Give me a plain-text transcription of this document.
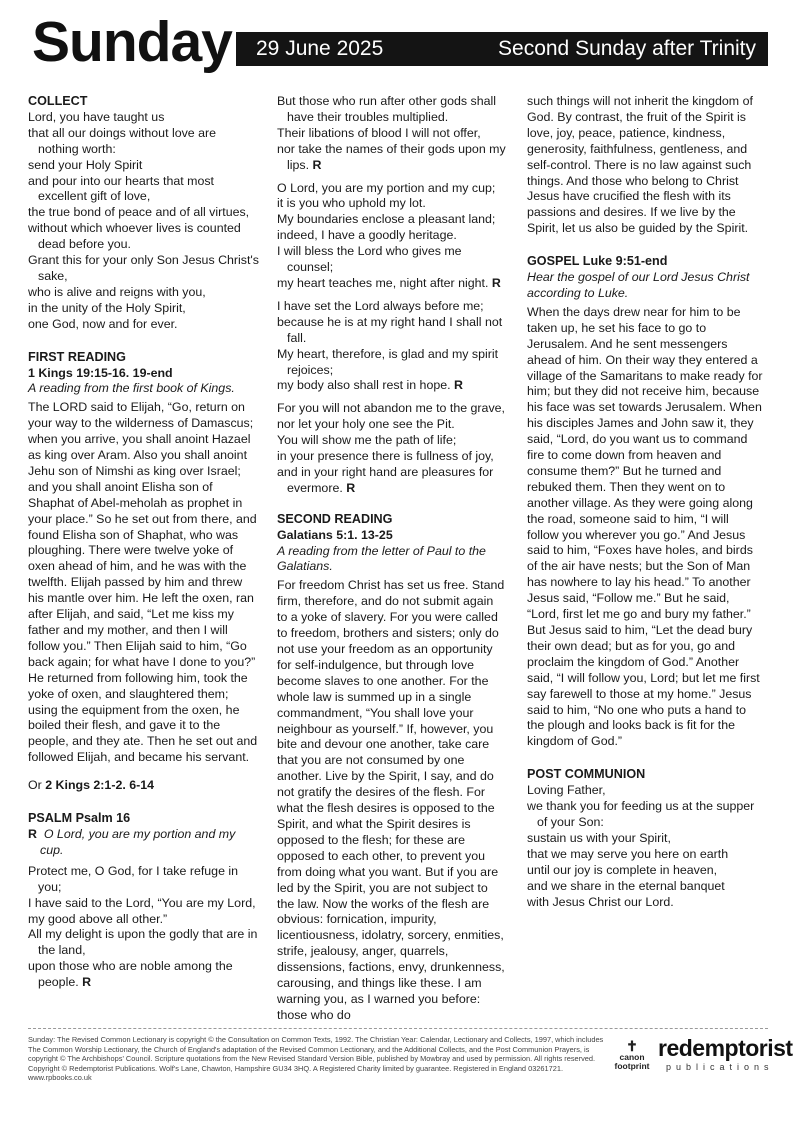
Sunday 29 June 2025	Second Sunday after Trinity
COLLECT
Lord, you have taught us
that all our doings without love are nothing worth:
send your Holy Spirit
and pour into our hearts that most excellent gift of love,
the true bond of peace and of all virtues,
without which whoever lives is counted dead before you.
Grant this for your only Son Jesus Christ's sake,
who is alive and reigns with you,
in the unity of the Holy Spirit,
one God, now and for ever.
FIRST READING
1 Kings 19:15-16. 19-end
A reading from the first book of Kings.
The LORD said to Elijah, “Go, return on your way to the wilderness of Damascus; when you arrive, you shall anoint Hazael as king over Aram. Also you shall anoint Jehu son of Nimshi as king over Israel; and you shall anoint Elisha son of Shaphat of Abel-meholah as prophet in your place.” So he set out from there, and found Elisha son of Shaphat, who was ploughing. There were twelve yoke of oxen ahead of him, and he was with the twelfth. Elijah passed by him and threw his mantle over him. He left the oxen, ran after Elijah, and said, “Let me kiss my father and my mother, and then I will follow you.” Then Elijah said to him, “Go back again; for what have I done to you?” He returned from following him, took the yoke of oxen, and slaughtered them; using the equipment from the oxen, he boiled their flesh, and gave it to the people, and they ate. Then he set out and followed Elijah, and became his servant.
Or 2 Kings 2:1-2. 6-14
PSALM Psalm 16
R O Lord, you are my portion and my cup.
Protect me, O God, for I take refuge in you;
I have said to the Lord, “You are my Lord,
my good above all other.”
All my delight is upon the godly that are in the land,
upon those who are noble among the people. R
But those who run after other gods shall have their troubles multiplied.
Their libations of blood I will not offer,
nor take the names of their gods upon my lips. R
O Lord, you are my portion and my cup;
it is you who uphold my lot.
My boundaries enclose a pleasant land;
indeed, I have a goodly heritage.
I will bless the Lord who gives me counsel;
my heart teaches me, night after night. R
I have set the Lord always before me;
because he is at my right hand I shall not fall.
My heart, therefore, is glad and my spirit rejoices;
my body also shall rest in hope. R
For you will not abandon me to the grave,
nor let your holy one see the Pit.
You will show me the path of life;
in your presence there is fullness of joy,
and in your right hand are pleasures for evermore. R
SECOND READING
Galatians 5:1. 13-25
A reading from the letter of Paul to the Galatians.
For freedom Christ has set us free. Stand firm, therefore, and do not submit again to a yoke of slavery. For you were called to freedom, brothers and sisters; only do not use your freedom as an opportunity for self-indulgence, but through love become slaves to one another. For the whole law is summed up in a single commandment, “You shall love your neighbour as yourself.” If, however, you bite and devour one another, take care that you are not consumed by one another. Live by the Spirit, I say, and do not gratify the desires of the flesh. For what the flesh desires is opposed to the Spirit, and what the Spirit desires is opposed to the flesh; for these are opposed to each other, to prevent you from doing what you want. But if you are led by the Spirit, you are not subject to the law. Now the works of the flesh are obvious: fornication, impurity, licentiousness, idolatry, sorcery, enmities, strife, jealousy, anger, quarrels, dissensions, factions, envy, drunkenness, carousing, and things like these. I am warning you, as I warned you before: those who do
such things will not inherit the kingdom of God. By contrast, the fruit of the Spirit is love, joy, peace, patience, kindness, generosity, faithfulness, gentleness, and self-control. There is no law against such things. And those who belong to Christ Jesus have crucified the flesh with its passions and desires. If we live by the Spirit, let us also be guided by the Spirit.
GOSPEL Luke 9:51-end
Hear the gospel of our Lord Jesus Christ according to Luke.
When the days drew near for him to be taken up, he set his face to go to Jerusalem. And he sent messengers ahead of him. On their way they entered a village of the Samaritans to make ready for him; but they did not receive him, because his face was set towards Jerusalem. When his disciples James and John saw it, they said, “Lord, do you want us to command fire to come down from heaven and consume them?” But he turned and rebuked them. Then they went on to another village. As they were going along the road, someone said to him, “I will follow you wherever you go.” And Jesus said to him, “Foxes have holes, and birds of the air have nests; but the Son of Man has nowhere to lay his head.” To another Jesus said, “Follow me.” But he said, “Lord, first let me go and bury my father.” But Jesus said to him, “Let the dead bury their own dead; but as for you, go and proclaim the kingdom of God.” Another said, “I will follow you, Lord; but let me first say farewell to those at my home.” Jesus said to him, “No one who puts a hand to the plough and looks back is fit for the kingdom of God.”
POST COMMUNION
Loving Father,
we thank you for feeding us at the supper of your Son:
sustain us with your Spirit,
that we may serve you here on earth
until our joy is complete in heaven,
and we share in the eternal banquet
with Jesus Christ our Lord.
Sunday: The Revised Common Lectionary is copyright © the Consultation on Common Texts, 1992. The Christian Year: Calendar, Lectionary and Collects, 1997, which includes The Common Worship Lectionary, the Church of England's adaptation of the Revised Common Lectionary, and the Additional Collects, and the Post Communion Prayers, is copyright © The Archbishops' Council. Scripture quotations from the New Revised Standard Version Bible, published by Mowbray and used by permission. All rights reserved. Copyright © Redemptorist Publications. Wolf's Lane, Chawton, Hampshire GU34 3HQ. A Registered Charity limited by guarantee. Registered in England 03261721. www.rpbooks.co.uk
✝
canon footprint
redemptorist
publications
